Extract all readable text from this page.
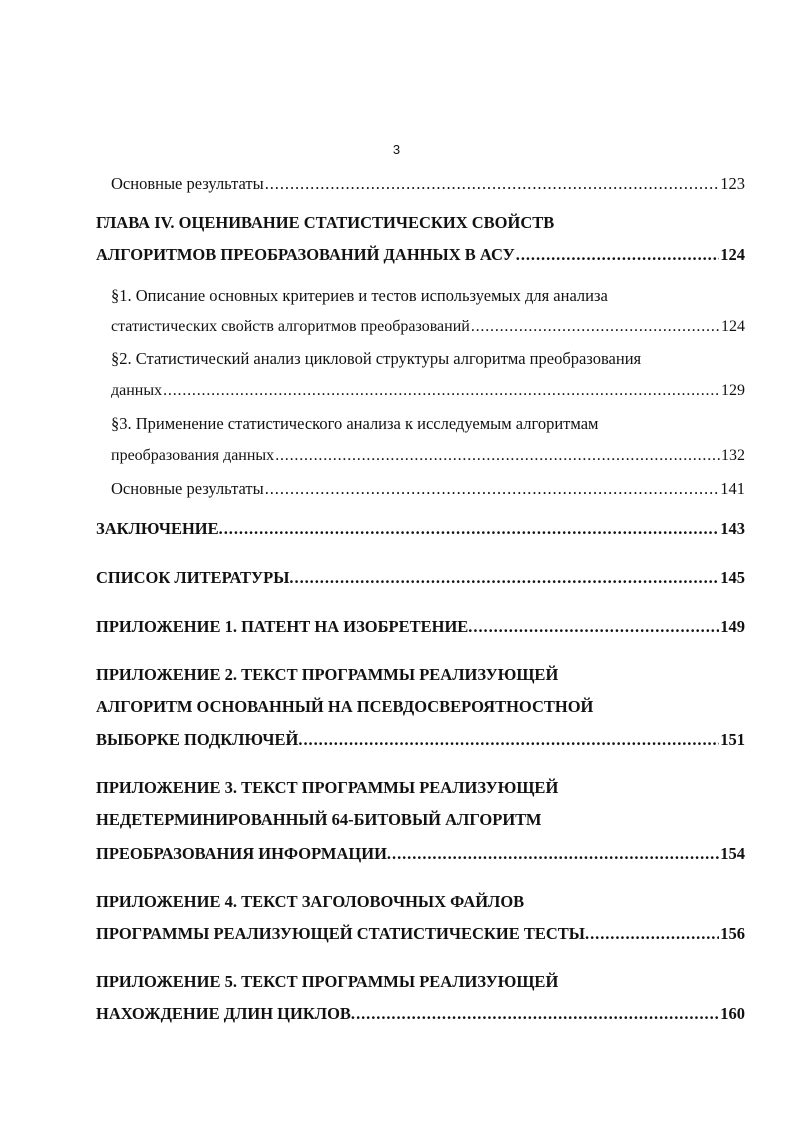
3
Основные результаты . . .	123
ГЛАВА IV. ОЦЕНИВАНИЕ СТАТИСТИЧЕСКИХ СВОЙСТВ
АЛГОРИТМОВ ПРЕОБРАЗОВАНИЙ ДАННЫХ В АСУ . . .	124
§1. Описание основных критериев и тестов используемых для анализа
статистических свойств алгоритмов преобразований . . .	124
§2. Статистический анализ цикловой структуры алгоритма преобразования
данных . . .	129
§3. Применение статистического анализа к исследуемым алгоритмам
преобразования данных . . .	132
Основные результаты . . .	141
ЗАКЛЮЧЕНИЕ. . . .	143
СПИСОК ЛИТЕРАТУРЫ. . . .	145
ПРИЛОЖЕНИЕ 1. ПАТЕНТ НА ИЗОБРЕТЕНИЕ. . . .	149
ПРИЛОЖЕНИЕ 2. ТЕКСТ ПРОГРАММЫ РЕАЛИЗУЮЩЕЙ
АЛГОРИТМ ОСНОВАННЫЙ НА ПСЕВДОСВЕРОЯТНОСТНОЙ
ВЫБОРКЕ ПОДКЛЮЧЕЙ. . . .	151
ПРИЛОЖЕНИЕ 3. ТЕКСТ ПРОГРАММЫ РЕАЛИЗУЮЩЕЙ
НЕДЕТЕРМИНИРОВАННЫЙ 64-БИТОВЫЙ АЛГОРИТМ
ПРЕОБРАЗОВАНИЯ ИНФОРМАЦИИ. . . .	154
ПРИЛОЖЕНИЕ 4. ТЕКСТ ЗАГОЛОВОЧНЫХ ФАЙЛОВ
ПРОГРАММЫ РЕАЛИЗУЮЩЕЙ СТАТИСТИЧЕСКИЕ ТЕСТЫ. . . .	156
ПРИЛОЖЕНИЕ 5. ТЕКСТ ПРОГРАММЫ РЕАЛИЗУЮЩЕЙ
НАХОЖДЕНИЕ ДЛИН ЦИКЛОВ. . . .	160
